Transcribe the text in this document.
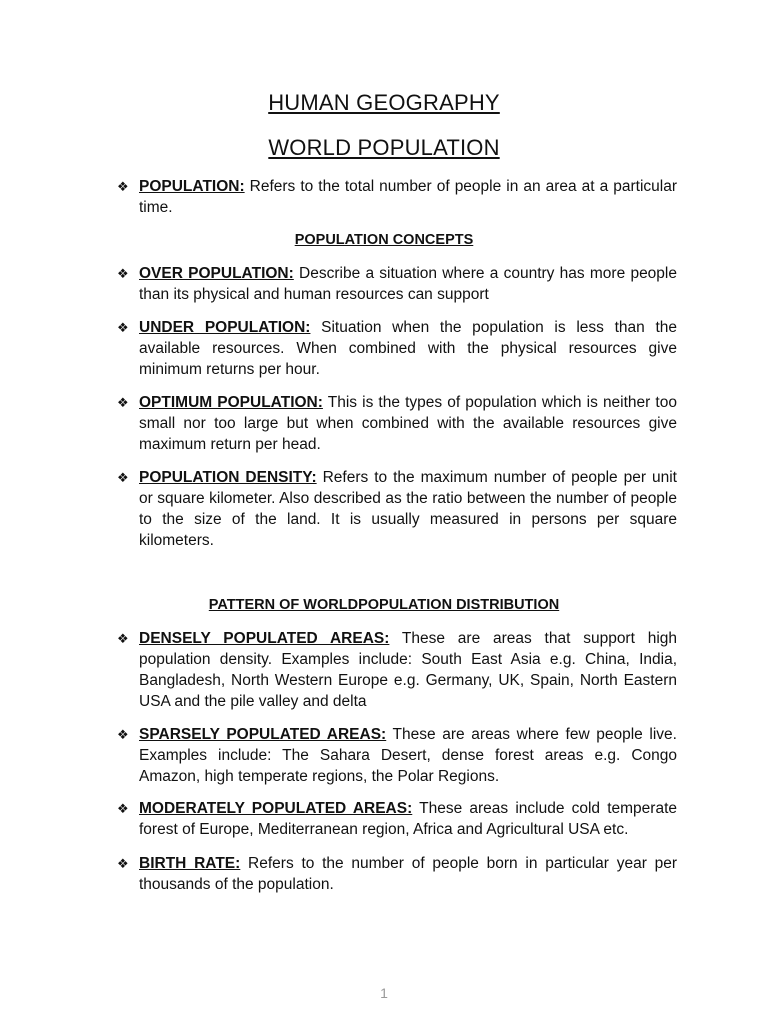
HUMAN GEOGRAPHY
WORLD POPULATION
❖ POPULATION: Refers to the total number of people in an area at a particular time.
POPULATION CONCEPTS
❖ OVER POPULATION: Describe a situation where a country has more people than its physical and human resources can support
❖ UNDER POPULATION: Situation when the population is less than the available resources. When combined with the physical resources give minimum returns per hour.
❖ OPTIMUM POPULATION: This is the types of population which is neither too small nor too large but when combined with the available resources give maximum return per head.
❖ POPULATION DENSITY: Refers to the maximum number of people per unit or square kilometer. Also described as the ratio between the number of people to the size of the land. It is usually measured in persons per square kilometers.
PATTERN OF WORLDPOPULATION DISTRIBUTION
❖ DENSELY POPULATED AREAS: These are areas that support high population density. Examples include: South East Asia e.g. China, India, Bangladesh, North Western Europe e.g. Germany, UK, Spain, North Eastern USA and the pile valley and delta
❖ SPARSELY POPULATED AREAS: These are areas where few people live. Examples include: The Sahara Desert, dense forest areas e.g. Congo Amazon, high temperate regions, the Polar Regions.
❖ MODERATELY POPULATED AREAS: These areas include cold temperate forest of Europe, Mediterranean region, Africa and Agricultural USA etc.
❖ BIRTH RATE: Refers to the number of people born in particular year per thousands of the population.
1
